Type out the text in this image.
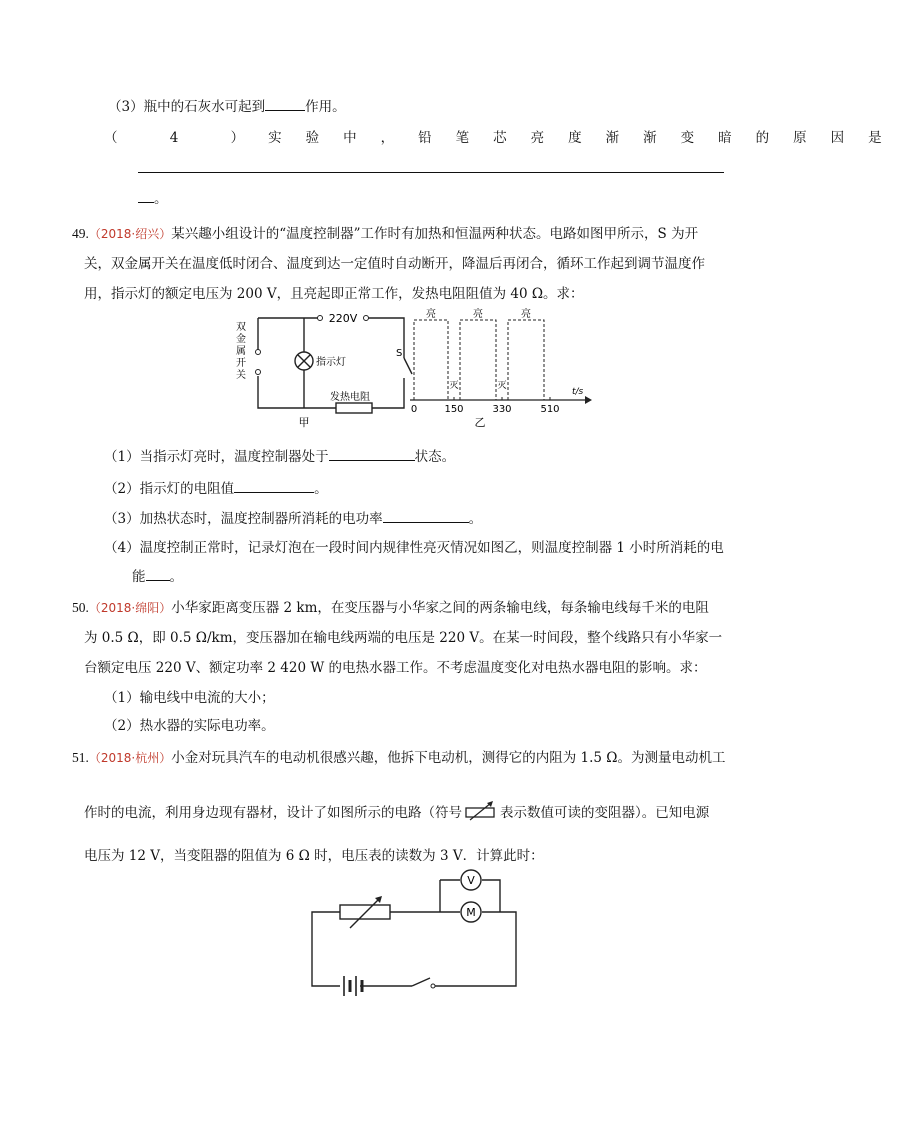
（3）瓶中的石灰水可起到	作用。
（ 4 ）实验中，铅笔芯亮度渐渐变暗的原因是
。
49.（2018·绍兴）某兴趣小组设计的“温度控制器”工作时有加热和恒温两种状态。电路如图甲所示，S 为开
关，双金属开关在温度低时闭合、温度到达一定值时自动断开，降温后再闭合，循环工作起到调节温度作
用，指示灯的额定电压为 200 V，且亮起即正常工作，发热电阻阻值为 40 Ω。求：
220V
指示灯
S
发热电阻
甲
双金属开关
亮	亮	亮
灭	灭
0	150	330	510
t/s
乙
（1）当指示灯亮时，温度控制器处于	状态。
（2）指示灯的电阻值	。
（3）加热状态时，温度控制器所消耗的电功率	。
（4）温度控制正常时，记录灯泡在一段时间内规律性亮灭情况如图乙，则温度控制器 1 小时所消耗的电
能 。
50.（2018·绵阳）小华家距离变压器 2 km，在变压器与小华家之间的两条输电线，每条输电线每千米的电阻
为 0.5 Ω，即 0.5 Ω/km，变压器加在输电线两端的电压是 220 V。在某一时间段，整个线路只有小华家一
台额定电压 220 V、额定功率 2 420 W 的电热水器工作。不考虑温度变化对电热水器电阻的影响。求：
（1）输电线中电流的大小；
（2）热水器的实际电功率。
51.（2018·杭州）小金对玩具汽车的电动机很感兴趣，他拆下电动机，测得它的内阻为 1.5 Ω。为测量电动机工
作时的电流，利用身边现有器材，设计了如图所示的电路（符号	表示数值可读的变阻器）。已知电源
电压为 12 V，当变阻器的阻值为 6 Ω 时，电压表的读数为 3 V．计算此时：
V
M
